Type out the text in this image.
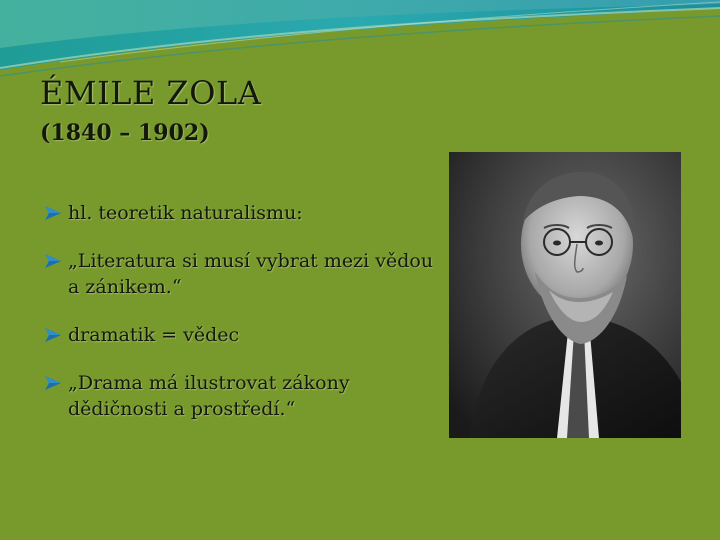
ÉMILE ZOLA
(1840 – 1902)
hl. teoretik naturalismu:
„Literatura si musí vybrat mezi vědou a zánikem.“
dramatik = vědec
„Drama má ilustrovat zákony dědičnosti a prostředí.“
